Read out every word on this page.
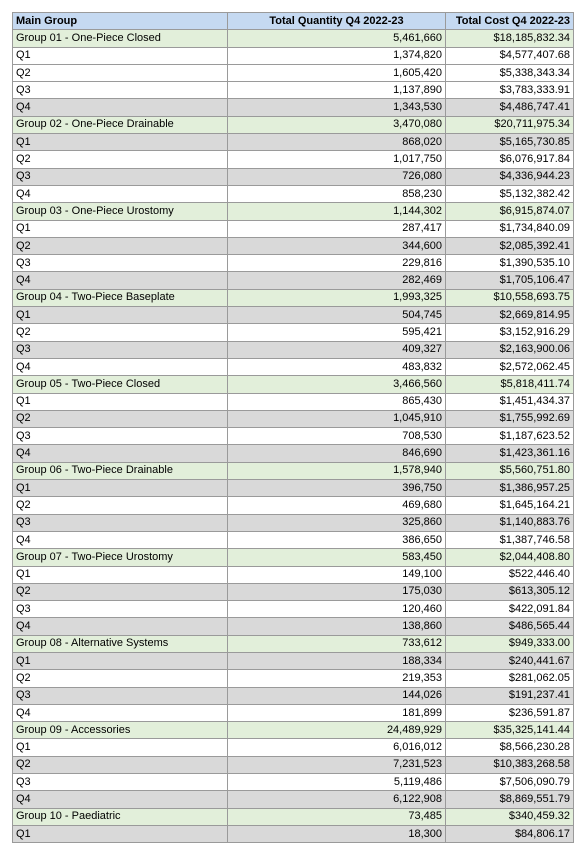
Main Group	Total Quantity Q4 2022-23	Total Cost Q4 2022-23
Group 01 - One-Piece Closed	5,461,660	$18,185,832.34
Q1	1,374,820	$4,577,407.68
Q2	1,605,420	$5,338,343.34
Q3	1,137,890	$3,783,333.91
Q4	1,343,530	$4,486,747.41
Group 02 - One-Piece Drainable	3,470,080	$20,711,975.34
Q1	868,020	$5,165,730.85
Q2	1,017,750	$6,076,917.84
Q3	726,080	$4,336,944.23
Q4	858,230	$5,132,382.42
Group 03 - One-Piece Urostomy	1,144,302	$6,915,874.07
Q1	287,417	$1,734,840.09
Q2	344,600	$2,085,392.41
Q3	229,816	$1,390,535.10
Q4	282,469	$1,705,106.47
Group 04 - Two-Piece Baseplate	1,993,325	$10,558,693.75
Q1	504,745	$2,669,814.95
Q2	595,421	$3,152,916.29
Q3	409,327	$2,163,900.06
Q4	483,832	$2,572,062.45
Group 05 - Two-Piece Closed	3,466,560	$5,818,411.74
Q1	865,430	$1,451,434.37
Q2	1,045,910	$1,755,992.69
Q3	708,530	$1,187,623.52
Q4	846,690	$1,423,361.16
Group 06 - Two-Piece Drainable	1,578,940	$5,560,751.80
Q1	396,750	$1,386,957.25
Q2	469,680	$1,645,164.21
Q3	325,860	$1,140,883.76
Q4	386,650	$1,387,746.58
Group 07 - Two-Piece Urostomy	583,450	$2,044,408.80
Q1	149,100	$522,446.40
Q2	175,030	$613,305.12
Q3	120,460	$422,091.84
Q4	138,860	$486,565.44
Group 08 - Alternative Systems	733,612	$949,333.00
Q1	188,334	$240,441.67
Q2	219,353	$281,062.05
Q3	144,026	$191,237.41
Q4	181,899	$236,591.87
Group 09 - Accessories	24,489,929	$35,325,141.44
Q1	6,016,012	$8,566,230.28
Q2	7,231,523	$10,383,268.58
Q3	5,119,486	$7,506,090.79
Q4	6,122,908	$8,869,551.79
Group 10 - Paediatric	73,485	$340,459.32
Q1	18,300	$84,806.17
